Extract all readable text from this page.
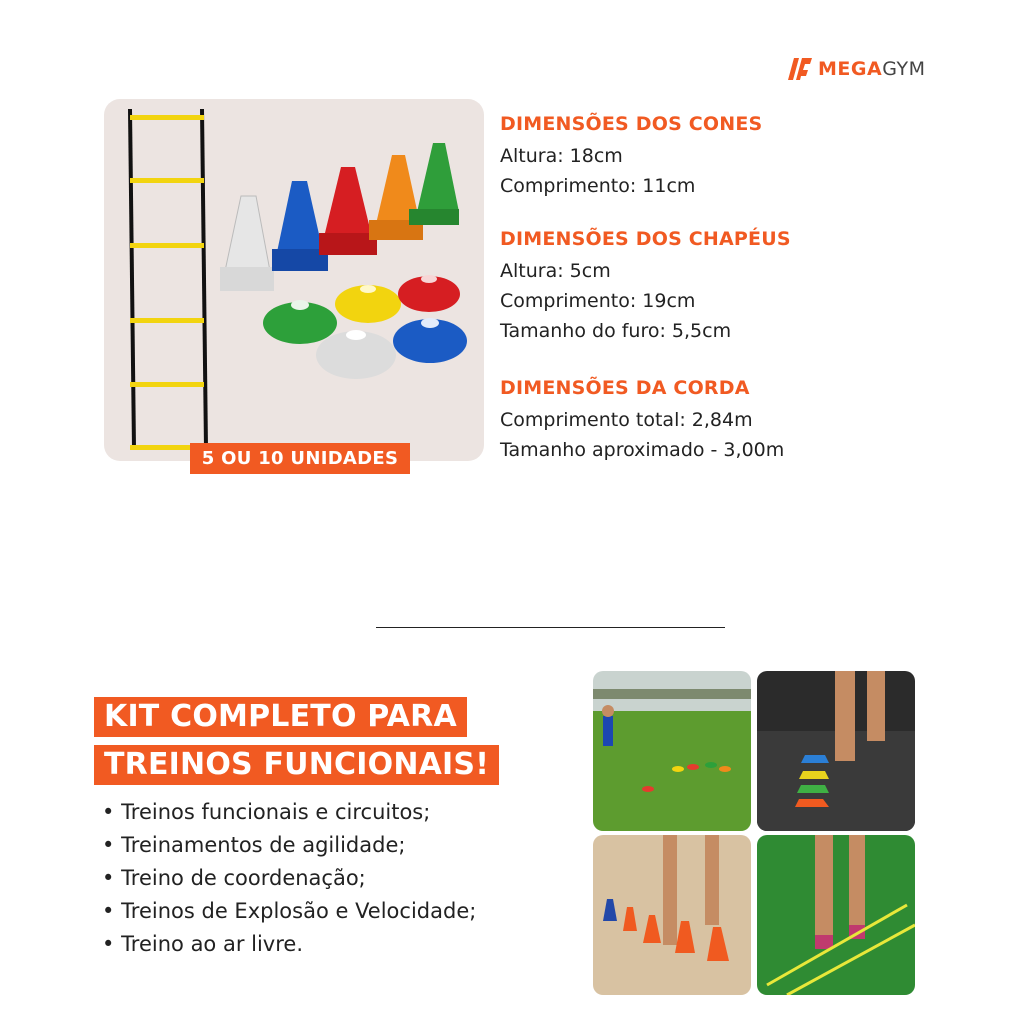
MEGAGYM
5 OU 10 UNIDADES
DIMENSÕES DOS CONES
Altura: 18cm
Comprimento: 11cm
DIMENSÕES DOS CHAPÉUS
Altura: 5cm
Comprimento: 19cm
Tamanho do furo: 5,5cm
DIMENSÕES DA CORDA
Comprimento total: 2,84m
Tamanho aproximado - 3,00m
KIT COMPLETO PARA
TREINOS FUNCIONAIS!
• Treinos funcionais e circuitos;
• Treinamentos de agilidade;
• Treino de coordenação;
• Treinos de Explosão e Velocidade;
• Treino ao ar livre.
